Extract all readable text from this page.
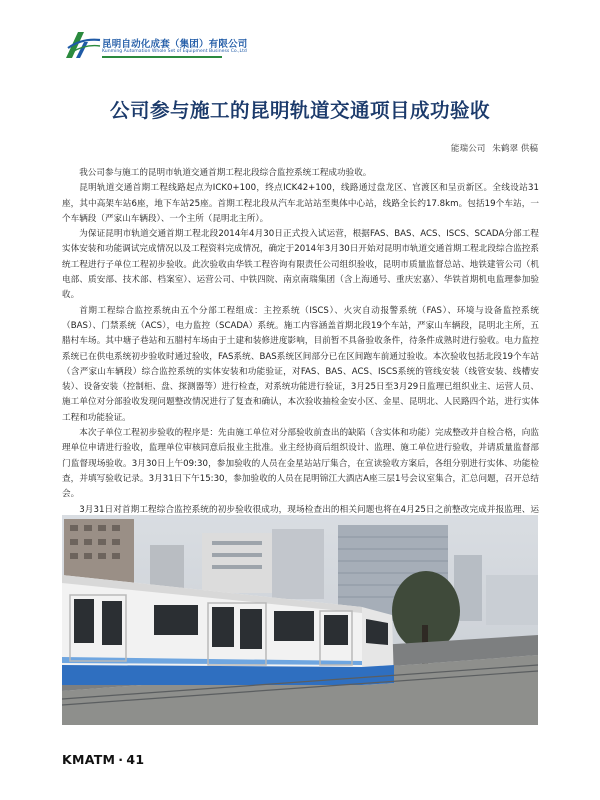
昆明自动化成套（集团）有限公司
Kunming Automation Whole Set of Equipment Business Co.,Ltd
公司参与施工的昆明轨道交通项目成功验收
能瑞公司 朱鹤翠 供稿

我公司参与施工的昆明市轨道交通首期工程北段综合监控系统工程成功验收。

昆明轨道交通首期工程线路起点为ICK0+100，终点ICK42+100，线路通过盘龙区、官渡区和呈贡新区。全线设站31座，其中高架车站6座，地下车站25座。首期工程北段从汽车北站站至奥体中心站，线路全长约17.8km。包括19个车站，一个车辆段（严家山车辆段）、一个主所（昆明北主所）。

为保证昆明市轨道交通首期工程北段2014年4月30日正式投入试运营，根据FAS、BAS、ACS、ISCS、SCADA分部工程实体安装和功能调试完成情况以及工程资料完成情况，确定于2014年3月30日开始对昆明市轨道交通首期工程北段综合监控系统工程进行子单位工程初步验收。此次验收由华铁工程咨询有限责任公司组织验收，昆明市质量监督总站、地铁建管公司（机电部、质安部、技术部、档案室）、运营公司、中铁四院、南京南瑞集团（含上海通号、重庆宏嘉）、华铁首期机电监理参加验收。

首期工程综合监控系统由五个分部工程组成：主控系统（ISCS）、火灾自动报警系统（FAS）、环境与设备监控系统（BAS）、门禁系统（ACS），电力监控（SCADA）系统。施工内容涵盖首期北段19个车站，严家山车辆段，昆明北主所，五腊村车场。其中塘子巷站和五腊村车场由于土建和装修进度影响，目前暂不具备验收条件，待条件成熟时进行验收。电力监控系统已在供电系统初步验收时通过验收，FAS系统、BAS系统区间部分已在区间跑车前通过验收。本次验收包括北段19个车站（含严家山车辆段）综合监控系统的实体安装和功能验证，对FAS、BAS、ACS、ISCS系统的管线安装（线管安装、线槽安装）、设备安装（控制柜、盘、探测器等）进行检查，对系统功能进行验证，3月25日至3月29日监理已组织业主、运营人员、施工单位对分部验收发现问题整改情况进行了复查和确认，本次验收抽检金安小区、金星、昆明北、人民路四个站，进行实体工程和功能验证。

本次子单位工程初步验收的程序是：先由施工单位对分部验收前查出的缺陷（含实体和功能）完成整改并自检合格，向监理单位申请进行验收，监理单位审核同意后报业主批准。业主经协商后组织设计、监理、施工单位进行验收，并请质量监督部门监督现场验收。3月30日上午09:30，参加验收的人员在金星站站厅集合，在宣读验收方案后，各组分别进行实体、功能检查，并填写验收记录。3月31日下午15:30，参加验收的人员在昆明锦江大酒店A座三层1号会议室集合，汇总问题，召开总结会。

3月31日对首期工程综合监控系统的初步验收很成功，现场检查出的相关问题也将在4月25日之前整改完成并报监理、运

KMATM · 41
